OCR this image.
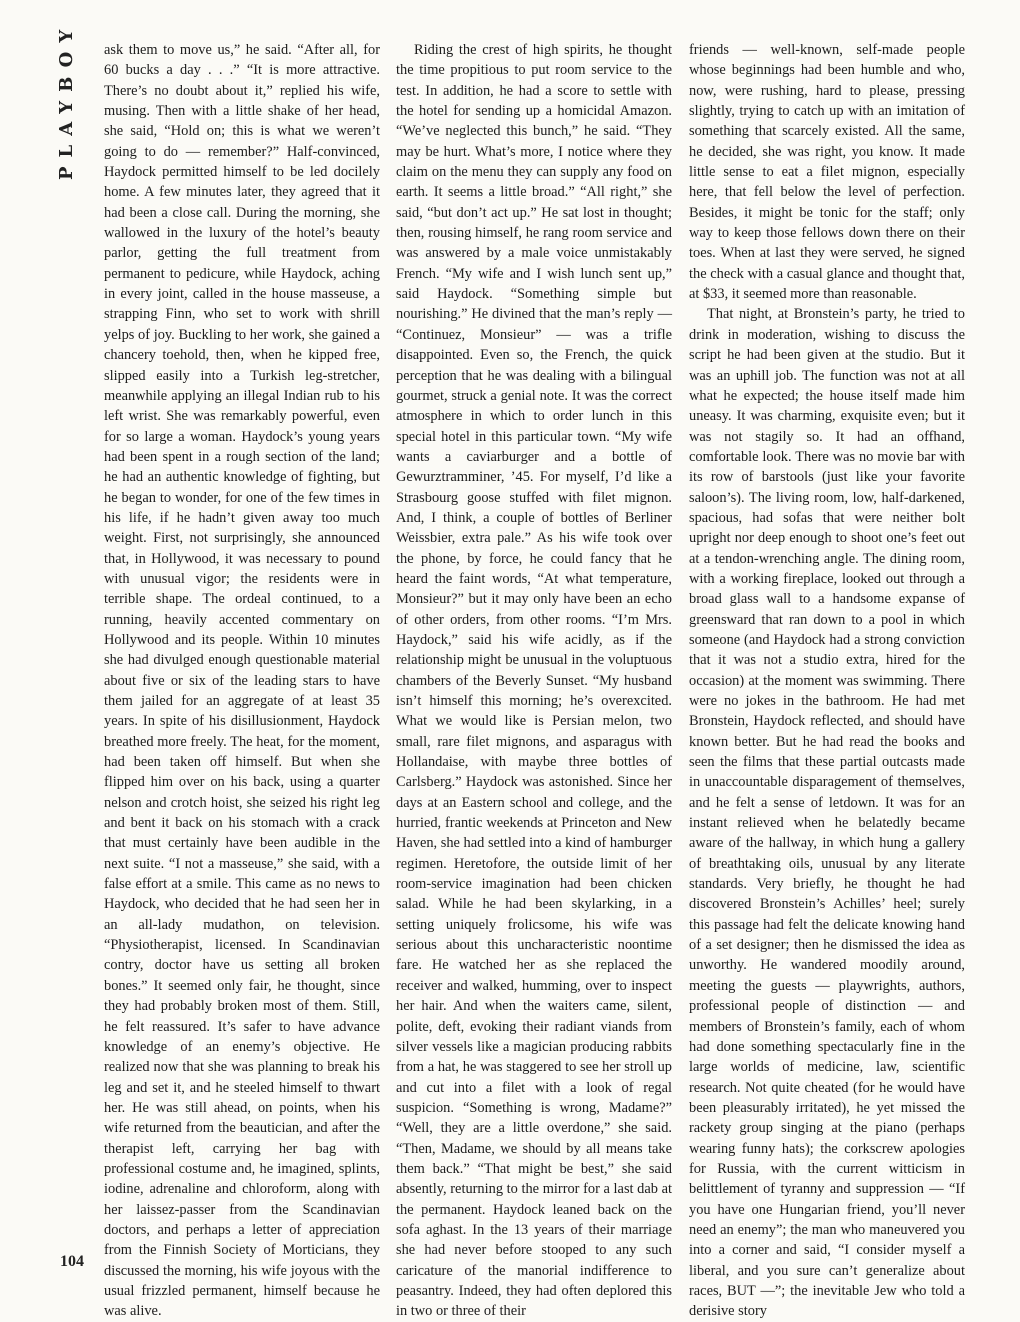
PLAYBOY ask them to move us,” he said. “After all, for 60 bucks a day . . .” “It is more attractive. There’s no doubt about it,” replied his wife, musing. Then with a little shake of her head, she said, “Hold on; this is what we weren’t going to do — remember?” Half-convinced, Haydock permitted himself to be led docilely home. A few minutes later, they agreed that it had been a close call. During the morning, she wallowed in the luxury of the hotel’s beauty parlor, getting the full treatment from permanent to pedicure, while Haydock, aching in every joint, called in the house masseuse, a strapping Finn, who set to work with shrill yelps of joy. Buckling to her work, she gained a chancery toehold, then, when he kipped free, slipped easily into a Turkish leg-stretcher, meanwhile applying an illegal Indian rub to his left wrist. She was remarkably powerful, even for so large a woman. Haydock’s young years had been spent in a rough section of the land; he had an authentic knowledge of fighting, but he began to wonder, for one of the few times in his life, if he hadn’t given away too much weight. First, not surprisingly, she announced that, in Hollywood, it was necessary to pound with unusual vigor; the residents were in terrible shape. The ordeal continued, to a running, heavily accented commentary on Hollywood and its people. Within 10 minutes she had divulged enough questionable material about five or six of the leading stars to have them jailed for an aggregate of at least 35 years. In spite of his disillusionment, Haydock breathed more freely. The heat, for the moment, had been taken off himself. But when she flipped him over on his back, using a quarter nelson and crotch hoist, she seized his right leg and bent it back on his stomach with a crack that must certainly have been audible in the next suite. “I not a masseuse,” she said, with a false effort at a smile. This came as no news to Haydock, who decided that he had seen her in an all-lady mudathon, on television. “Physiotherapist, licensed. In Scandinavian contry, doctor have us setting all broken bones.” It seemed only fair, he thought, since they had probably broken most of them. Still, he felt reassured. It’s safer to have advance knowledge of an enemy’s objective. He realized now that she was planning to break his leg and set it, and he steeled himself to thwart her. He was still ahead, on points, when his wife returned from the beautician, and after the therapist left, carrying her bag with professional costume and, he imagined, splints, iodine, adrenaline and chloroform, along with her laissez-passer from the Scandinavian doctors, and perhaps a letter of appreciation from the Finnish Society of Morticians, they discussed the morning, his wife joyous with the usual frizzled permanent, himself because he was alive.

Riding the crest of high spirits, he thought the time propitious to put room service to the test. In addition, he had a score to settle with the hotel for sending up a homicidal Amazon. “We’ve neglected this bunch,” he said. “They may be hurt. What’s more, I notice where they claim on the menu they can supply any food on earth. It seems a little broad.” “All right,” she said, “but don’t act up.” He sat lost in thought; then, rousing himself, he rang room service and was answered by a male voice unmistakably French. “My wife and I wish lunch sent up,” said Haydock. “Something simple but nourishing.” He divined that the man’s reply — “Continuez, Monsieur” — was a trifle disappointed. Even so, the French, the quick perception that he was dealing with a bilingual gourmet, struck a genial note. It was the correct atmosphere in which to order lunch in this special hotel in this particular town. “My wife wants a caviarburger and a bottle of Gewurztramminer, ’45. For myself, I’d like a Strasbourg goose stuffed with filet mignon. And, I think, a couple of bottles of Berliner Weissbier, extra pale.” As his wife took over the phone, by force, he could fancy that he heard the faint words, “At what temperature, Monsieur?” but it may only have been an echo of other orders, from other rooms. “I’m Mrs. Haydock,” said his wife acidly, as if the relationship might be unusual in the voluptuous chambers of the Beverly Sunset. “My husband isn’t himself this morning; he’s overexcited. What we would like is Persian melon, two small, rare filet mignons, and asparagus with Hollandaise, with maybe three bottles of Carlsberg.” Haydock was astonished. Since her days at an Eastern school and college, and the hurried, frantic weekends at Princeton and New Haven, she had settled into a kind of hamburger regimen. Heretofore, the outside limit of her room-service imagination had been chicken salad. While he had been skylarking, in a setting uniquely frolicsome, his wife was serious about this uncharacteristic noontime fare. He watched her as she replaced the receiver and walked, humming, over to inspect her hair. And when the waiters came, silent, polite, deft, evoking their radiant viands from silver vessels like a magician producing rabbits from a hat, he was staggered to see her stroll up and cut into a filet with a look of regal suspicion. “Something is wrong, Madame?” “Well, they are a little overdone,” she said. “Then, Madame, we should by all means take them back.” “That might be best,” she said absently, returning to the mirror for a last dab at the permanent. Haydock leaned back on the sofa aghast. In the 13 years of their marriage she had never before stooped to any such caricature of the manorial indifference to peasantry. Indeed, they had often deplored this in two or three of their

friends — well-known, self-made people whose beginnings had been humble and who, now, were rushing, hard to please, pressing slightly, trying to catch up with an imitation of something that scarcely existed. All the same, he decided, she was right, you know. It made little sense to eat a filet mignon, especially here, that fell below the level of perfection. Besides, it might be tonic for the staff; only way to keep those fellows down there on their toes. When at last they were served, he signed the check with a casual glance and thought that, at $33, it seemed more than reasonable.

That night, at Bronstein’s party, he tried to drink in moderation, wishing to discuss the script he had been given at the studio. But it was an uphill job. The function was not at all what he expected; the house itself made him uneasy. It was charming, exquisite even; but it was not stagily so. It had an offhand, comfortable look. There was no movie bar with its row of barstools (just like your favorite saloon’s). The living room, low, half-darkened, spacious, had sofas that were neither bolt upright nor deep enough to shoot one’s feet out at a tendon-wrenching angle. The dining room, with a working fireplace, looked out through a broad glass wall to a handsome expanse of greensward that ran down to a pool in which someone (and Haydock had a strong conviction that it was not a studio extra, hired for the occasion) at the moment was swimming. There were no jokes in the bathroom. He had met Bronstein, Haydock reflected, and should have known better. But he had read the books and seen the films that these partial outcasts made in unaccountable disparagement of themselves, and he felt a sense of letdown. It was for an instant relieved when he belatedly became aware of the hallway, in which hung a gallery of breathtaking oils, unusual by any literate standards. Very briefly, he thought he had discovered Bronstein’s Achilles’ heel; surely this passage had felt the delicate knowing hand of a set designer; then he dismissed the idea as unworthy. He wandered moodily around, meeting the guests — playwrights, authors, professional people of distinction — and members of Bronstein’s family, each of whom had done something spectacularly fine in the large worlds of medicine, law, scientific research. Not quite cheated (for he would have been pleasurably irritated), he yet missed the rackety group singing at the piano (perhaps wearing funny hats); the corkscrew apologies for Russia, with the current witticism in belittlement of tyranny and suppression — “If you have one Hungarian friend, you’ll never need an enemy”; the man who maneuvered you into a corner and said, “I consider myself a liberal, and you sure can’t generalize about races, BUT —”; the inevitable Jew who told a derisive story

104
